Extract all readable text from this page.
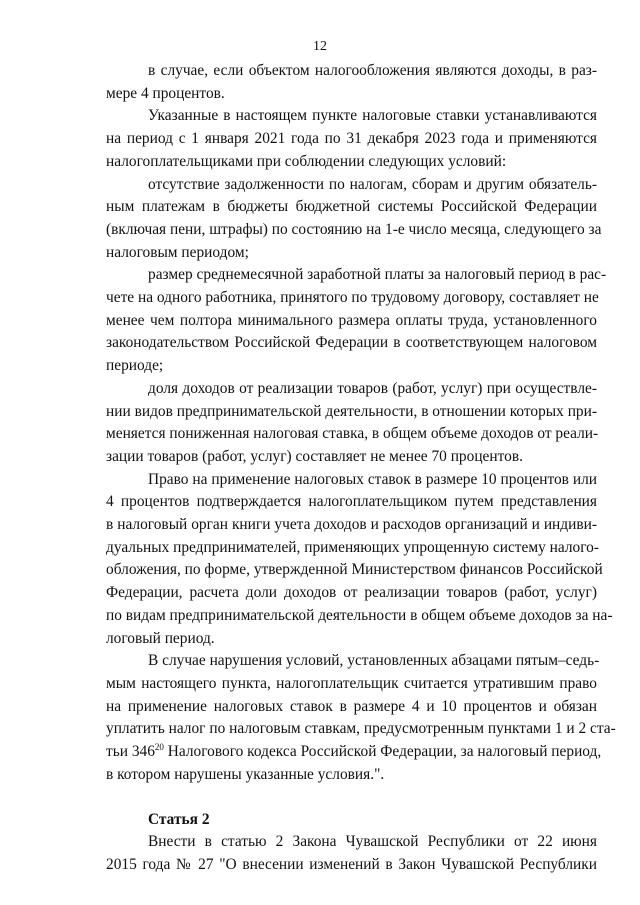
12
в случае, если объектом налогообложения являются доходы, в раз-
мере 4 процентов.
Указанные в настоящем пункте налоговые ставки устанавливаются
на период с 1 января 2021 года по 31 декабря 2023 года и применяются
налогоплательщиками при соблюдении следующих условий:
отсутствие задолженности по налогам, сборам и другим обязатель-
ным платежам в бюджеты бюджетной системы Российской Федерации
(включая пени, штрафы) по состоянию на 1-е число месяца, следующего за
налоговым периодом;
размер среднемесячной заработной платы за налоговый период в рас-
чете на одного работника, принятого по трудовому договору, составляет не
менее чем полтора минимального размера оплаты труда, установленного
законодательством Российской Федерации в соответствующем налоговом
периоде;
доля доходов от реализации товаров (работ, услуг) при осуществле-
нии видов предпринимательской деятельности, в отношении которых при-
меняется пониженная налоговая ставка, в общем объеме доходов от реали-
зации товаров (работ, услуг) составляет не менее 70 процентов.
Право на применение налоговых ставок в размере 10 процентов или
4 процентов подтверждается налогоплательщиком путем представления
в налоговый орган книги учета доходов и расходов организаций и индиви-
дуальных предпринимателей, применяющих упрощенную систему налого-
обложения, по форме, утвержденной Министерством финансов Российской
Федерации, расчета доли доходов от реализации товаров (работ, услуг)
по видам предпринимательской деятельности в общем объеме доходов за на-
логовый период.
В случае нарушения условий, установленных абзацами пятым–седь-
мым настоящего пункта, налогоплательщик считается утратившим право
на применение налоговых ставок в размере 4 и 10 процентов и обязан
уплатить налог по налоговым ставкам, предусмотренным пунктами 1 и 2 ста-
тьи $346^{20}$ Налогового кодекса Российской Федерации, за налоговый период,
в котором нарушены указанные условия.".
Статья 2
Внести в статью 2 Закона Чувашской Республики от 22 июня
2015 года № 27 "О внесении изменений в Закон Чувашской Республики
